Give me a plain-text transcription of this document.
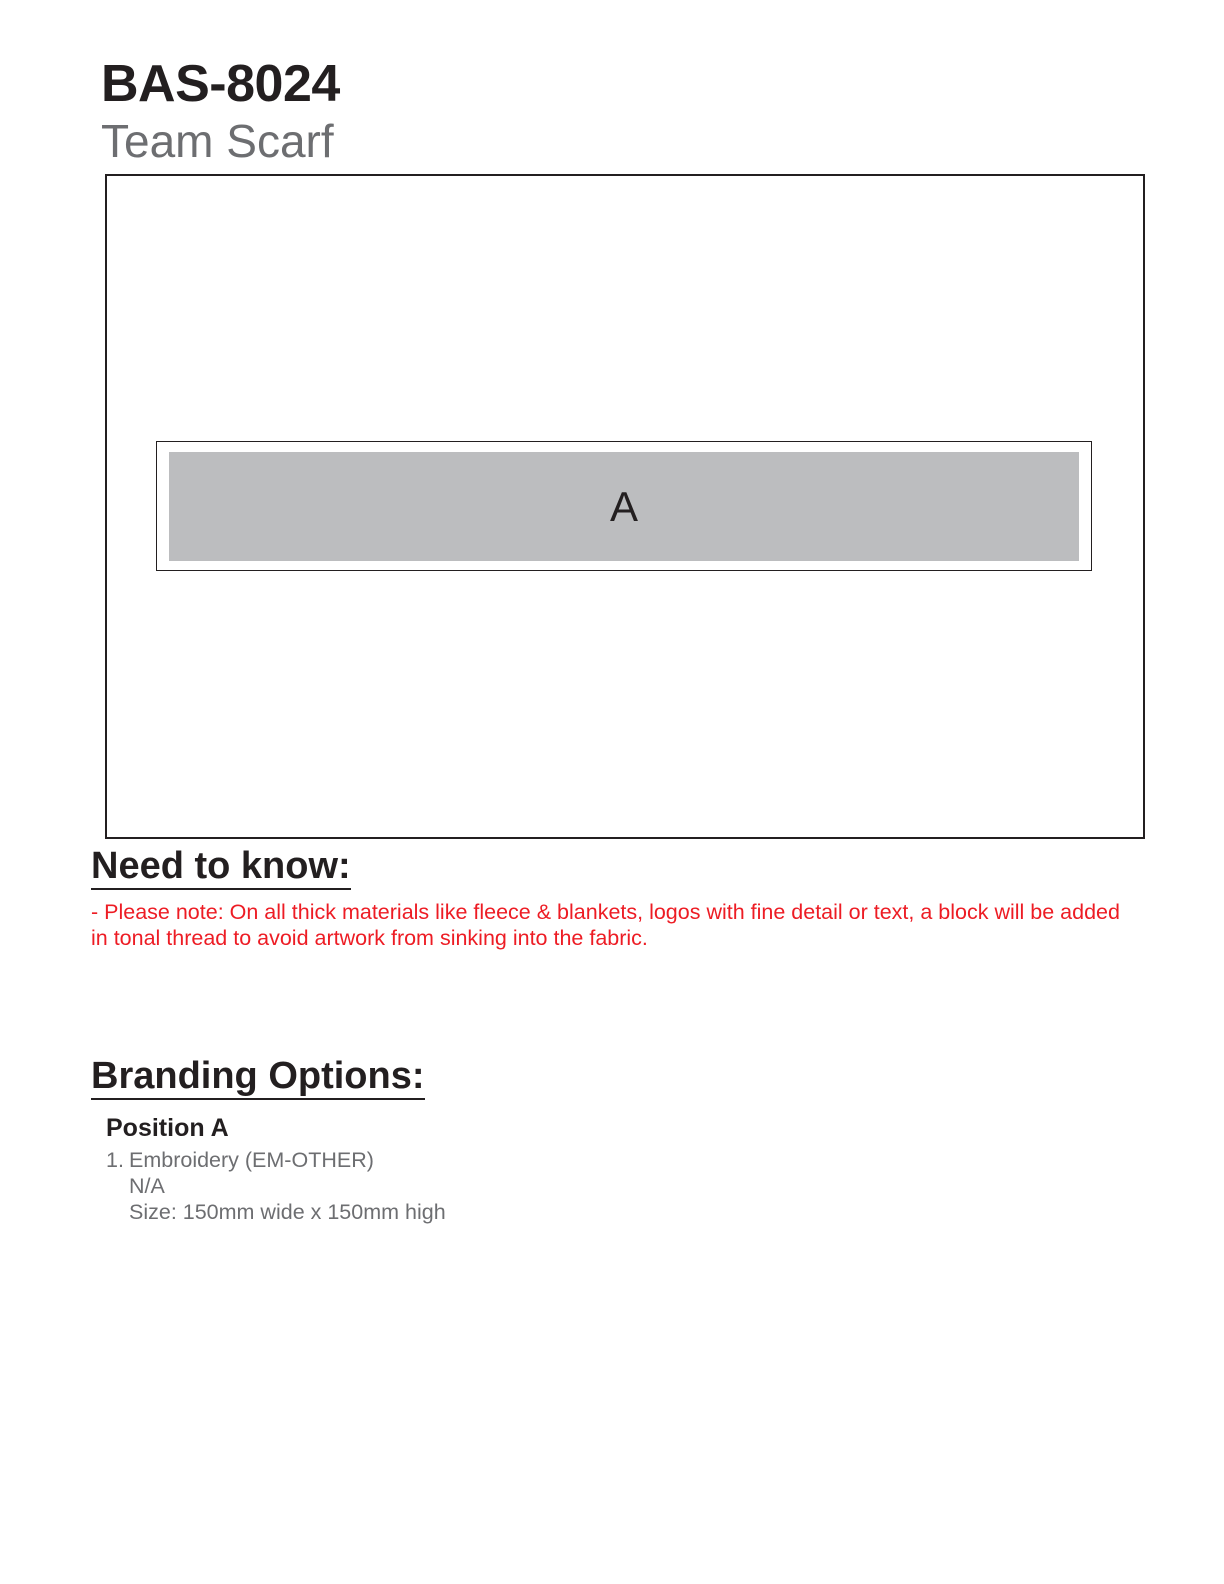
BAS-8024
Team Scarf
A
Need to know:
- Please note: On all thick materials like fleece & blankets, logos with fine detail or text, a block will be added in tonal thread to avoid artwork from sinking into the fabric.
Branding Options:
Position A
1. Embroidery (EM-OTHER)
N/A
Size: 150mm wide x 150mm high
